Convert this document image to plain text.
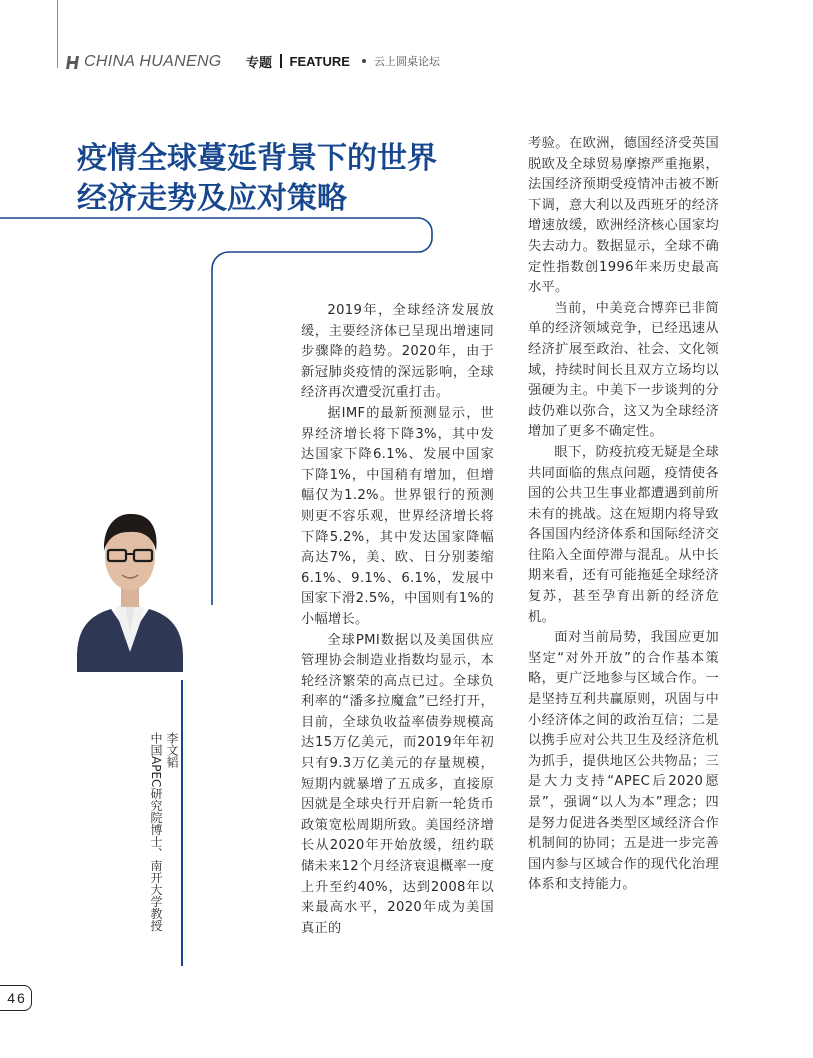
CHINA HUANENG 专题 FEATURE 云上圆桌论坛
疫情全球蔓延背景下的世界经济走势及应对策略
李文韬
中国APEC研究院博士、南开大学教授

2019年，全球经济发展放缓，主要经济体已呈现出增速同步骤降的趋势。2020年，由于新冠肺炎疫情的深远影响，全球经济再次遭受沉重打击。

据IMF的最新预测显示，世界经济增长将下降3%，其中发达国家下降6.1%、发展中国家下降1%，中国稍有增加，但增幅仅为1.2%。世界银行的预测则更不容乐观，世界经济增长将下降5.2%，其中发达国家降幅高达7%，美、欧、日分别萎缩6.1%、9.1%、6.1%，发展中国家下滑2.5%，中国则有1%的小幅增长。

全球PMI数据以及美国供应管理协会制造业指数均显示，本轮经济繁荣的高点已过。全球负利率的“潘多拉魔盒”已经打开，目前，全球负收益率债券规模高达15万亿美元，而2019年年初只有9.3万亿美元的存量规模，短期内就暴增了五成多，直接原因就是全球央行开启新一轮货币政策宽松周期所致。美国经济增长从2020年开始放缓，纽约联储未来12个月经济衰退概率一度上升至约40%，达到2008年以来最高水平，2020年成为美国真正的

考验。在欧洲，德国经济受英国脱欧及全球贸易摩擦严重拖累，法国经济预期受疫情冲击被不断下调，意大利以及西班牙的经济增速放缓，欧洲经济核心国家均失去动力。数据显示，全球不确定性指数创1996年来历史最高水平。

当前，中美竞合博弈已非简单的经济领域竞争，已经迅速从经济扩展至政治、社会、文化领域，持续时间长且双方立场均以强硬为主。中美下一步谈判的分歧仍难以弥合，这又为全球经济增加了更多不确定性。

眼下，防疫抗疫无疑是全球共同面临的焦点问题，疫情使各国的公共卫生事业都遭遇到前所未有的挑战。这在短期内将导致各国国内经济体系和国际经济交往陷入全面停滞与混乱。从中长期来看，还有可能拖延全球经济复苏，甚至孕育出新的经济危机。

面对当前局势，我国应更加坚定“对外开放”的合作基本策略，更广泛地参与区域合作。一是坚持互利共赢原则，巩固与中小经济体之间的政治互信；二是以携手应对公共卫生及经济危机为抓手，提供地区公共物品；三是大力支持“APEC后2020愿景”，强调“以人为本”理念；四是努力促进各类型区域经济合作机制间的协同；五是进一步完善国内参与区域合作的现代化治理体系和支持能力。

46
